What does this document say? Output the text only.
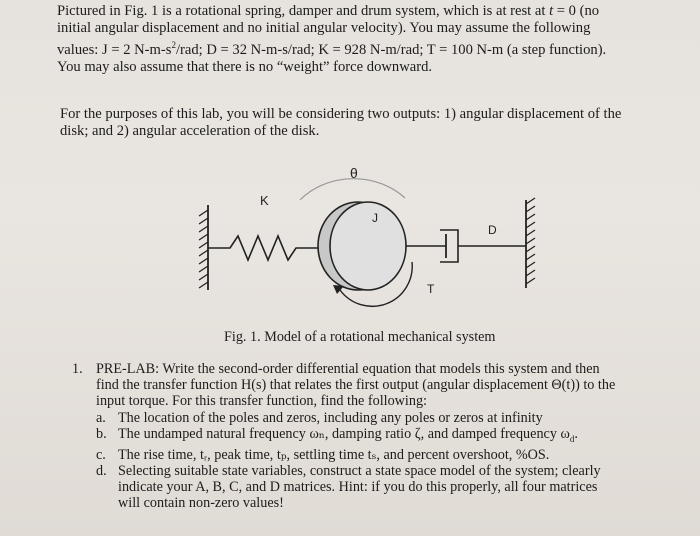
Pictured in Fig. 1 is a rotational spring, damper and drum system, which is at rest at t = 0 (no
initial angular displacement and no initial angular velocity). You may assume the following
values: J = 2 $N-m-s^2$/rad; D = 32 N-m-s/rad; K = 928 N-m/rad; T = 100 N-m (a step function).
You may also assume that there is no “weight” force downward.
For the purposes of this lab, you will be considering two outputs: 1) angular displacement of the
disk; and 2) angular acceleration of the disk.
K
θ
J
T
D
Fig. 1. Model of a rotational mechanical system
1. PRE-LAB: Write the second-order differential equation that models this system and then
find the transfer function H(s) that relates the first output (angular displacement Θ(t)) to the
input torque. For this transfer function, find the following:
a. The location of the poles and zeros, including any poles or zeros at infinity
b. The undamped natural frequency ωₙ, damping ratio ζ, and damped frequency $\omega_d$.
c. The rise time, tᵣ, peak time, tₚ, settling time tₛ, and percent overshoot, %OS.
d. Selecting suitable state variables, construct a state space model of the system; clearly
indicate your A, B, C, and D matrices. Hint: if you do this properly, all four matrices
will contain non-zero values!
